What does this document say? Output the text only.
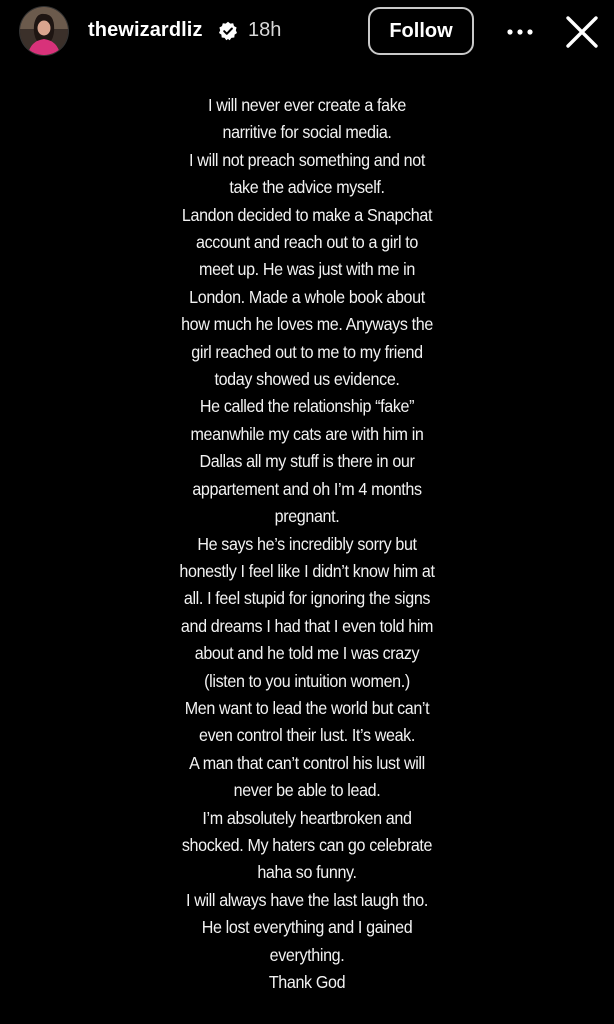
thewizardliz 18h	Follow
I will never ever create a fake
narritive for social media.
I will not preach something and not
take the advice myself.
Landon decided to make a Snapchat
account and reach out to a girl to
meet up. He was just with me in
London. Made a whole book about
how much he loves me. Anyways the
girl reached out to me to my friend
today showed us evidence.
He called the relationship “fake”
meanwhile my cats are with him in
Dallas all my stuff is there in our
appartement and oh I’m 4 months
pregnant.
He says he’s incredibly sorry but
honestly I feel like I didn’t know him at
all. I feel stupid for ignoring the signs
and dreams I had that I even told him
about and he told me I was crazy
(listen to you intuition women.)
Men want to lead the world but can’t
even control their lust. It’s weak.
A man that can’t control his lust will
never be able to lead.
I’m absolutely heartbroken and
shocked. My haters can go celebrate
haha so funny.
I will always have the last laugh tho.
He lost everything and I gained
everything.
Thank God
